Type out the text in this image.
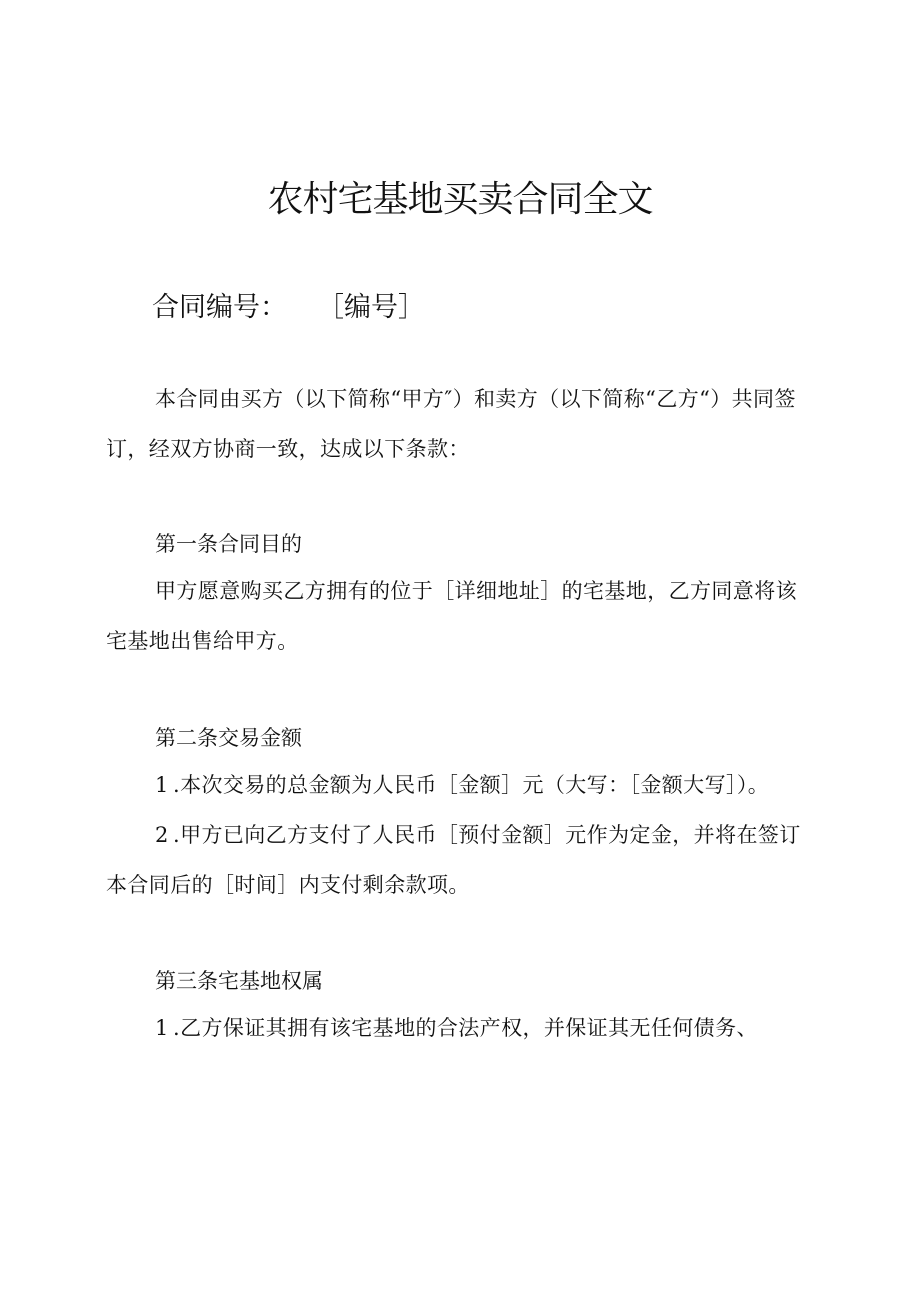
农村宅基地买卖合同全文
合同编号： ［编号］

本合同由买方（以下简称“甲方″）和卖方（以下简称“乙方“）共同签订，经双方协商一致，达成以下条款：

第一条合同目的

甲方愿意购买乙方拥有的位于［详细地址］的宅基地，乙方同意将该宅基地出售给甲方。

第二条交易金额

1 .本次交易的总金额为人民币［金额］元（大写：［金额大写］）。

2 .甲方已向乙方支付了人民币［预付金额］元作为定金，并将在签订本合同后的［时间］内支付剩余款项。

第三条宅基地权属

1 .乙方保证其拥有该宅基地的合法产权，并保证其无任何债务、
